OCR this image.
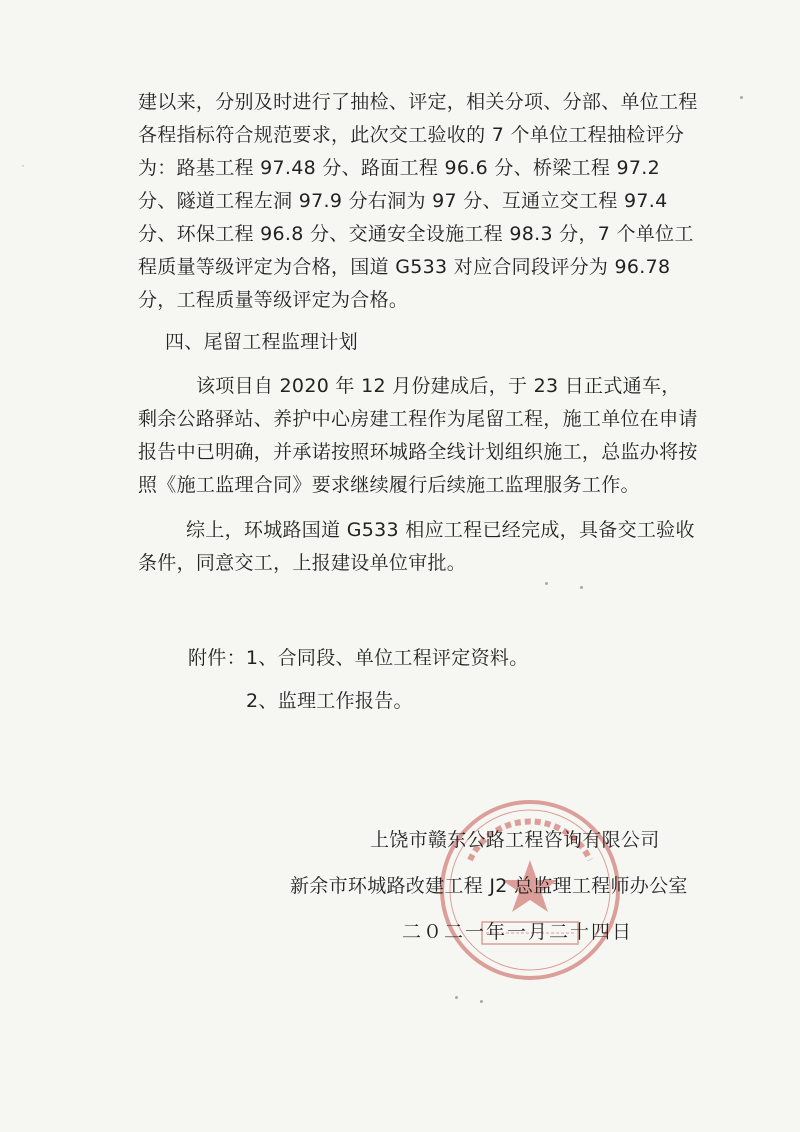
·

建以来，分别及时进行了抽检、评定，相关分项、分部、单位工程各程指标符合规范要求，此次交工验收的 7 个单位工程抽检评分为：路基工程 97.48 分、路面工程 96.6 分、桥梁工程 97.2 分、隧道工程左洞 97.9 分右洞为 97 分、互通立交工程 97.4 分、环保工程 96.8 分、交通安全设施工程 98.3 分，7 个单位工程质量等级评定为合格，国道 G533 对应合同段评分为 96.78 分，工程质量等级评定为合格。

四、尾留工程监理计划

该项目自 2020 年 12 月份建成后，于 23 日正式通车，剩余公路驿站、养护中心房建工程作为尾留工程，施工单位在申请报告中已明确，并承诺按照环城路全线计划组织施工，总监办将按照《施工监理合同》要求继续履行后续施工监理服务工作。

综上，环城路国道 G533 相应工程已经完成，具备交工验收条件，同意交工，上报建设单位审批。

附件：1、合同段、单位工程评定资料。

2、监理工作报告。

上饶市赣东公路工程咨询有限公司

新余市环城路改建工程 J2 总监理工程师办公室

二０二一年一月二十四日
